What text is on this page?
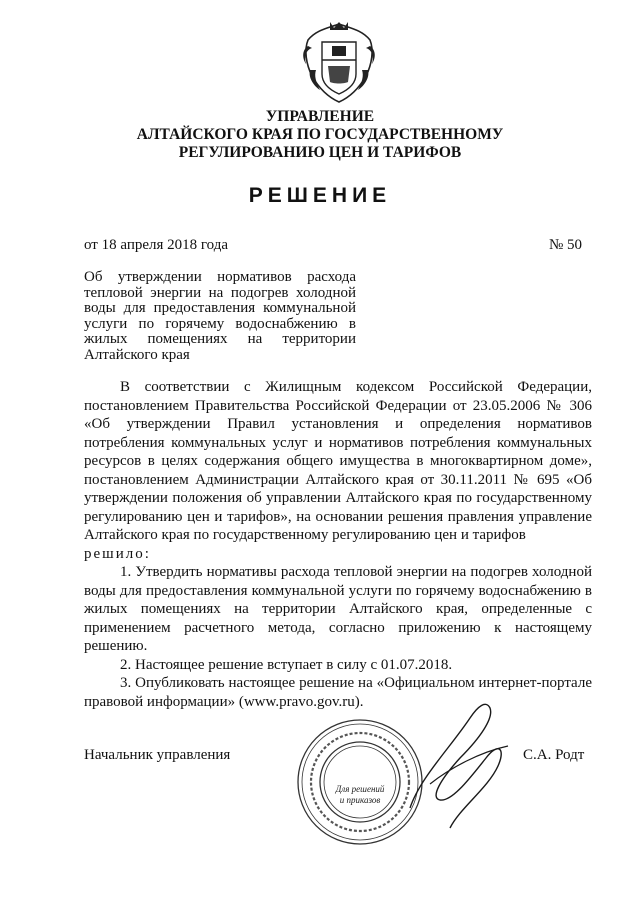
УПРАВЛЕНИЕ
АЛТАЙСКОГО КРАЯ ПО ГОСУДАРСТВЕННОМУ
РЕГУЛИРОВАНИЮ ЦЕН И ТАРИФОВ
РЕШЕНИЕ
от 18 апреля 2018 года	№ 50
Об утверждении нормативов расхода тепловой энергии на подогрев холодной воды для предоставления коммунальной услуги по горячему водоснабжению в жилых помещениях на территории Алтайского края

В соответствии с Жилищным кодексом Российской Федерации, постановлением Правительства Российской Федерации от 23.05.2006 № 306 «Об утверждении Правил установления и определения нормативов потребления коммунальных услуг и нормативов потребления коммунальных ресурсов в целях содержания общего имущества в многоквартирном доме», постановлением Администрации Алтайского края от 30.11.2011 № 695 «Об утверждении положения об управлении Алтайского края по государственному регулированию цен и тарифов», на основании решения правления управление Алтайского края по государственному регулированию цен и тарифов

решило:

1. Утвердить нормативы расхода тепловой энергии на подогрев холодной воды для предоставления коммунальной услуги по горячему водоснабжению в жилых помещениях на территории Алтайского края, определенные с применением расчетного метода, согласно приложению к настоящему решению.

2. Настоящее решение вступает в силу с 01.07.2018.

3. Опубликовать настоящее решение на «Официальном интернет-портале правовой информации» (www.pravo.gov.ru).

Начальник управления	С.А. Родт
Для решений
и приказов
